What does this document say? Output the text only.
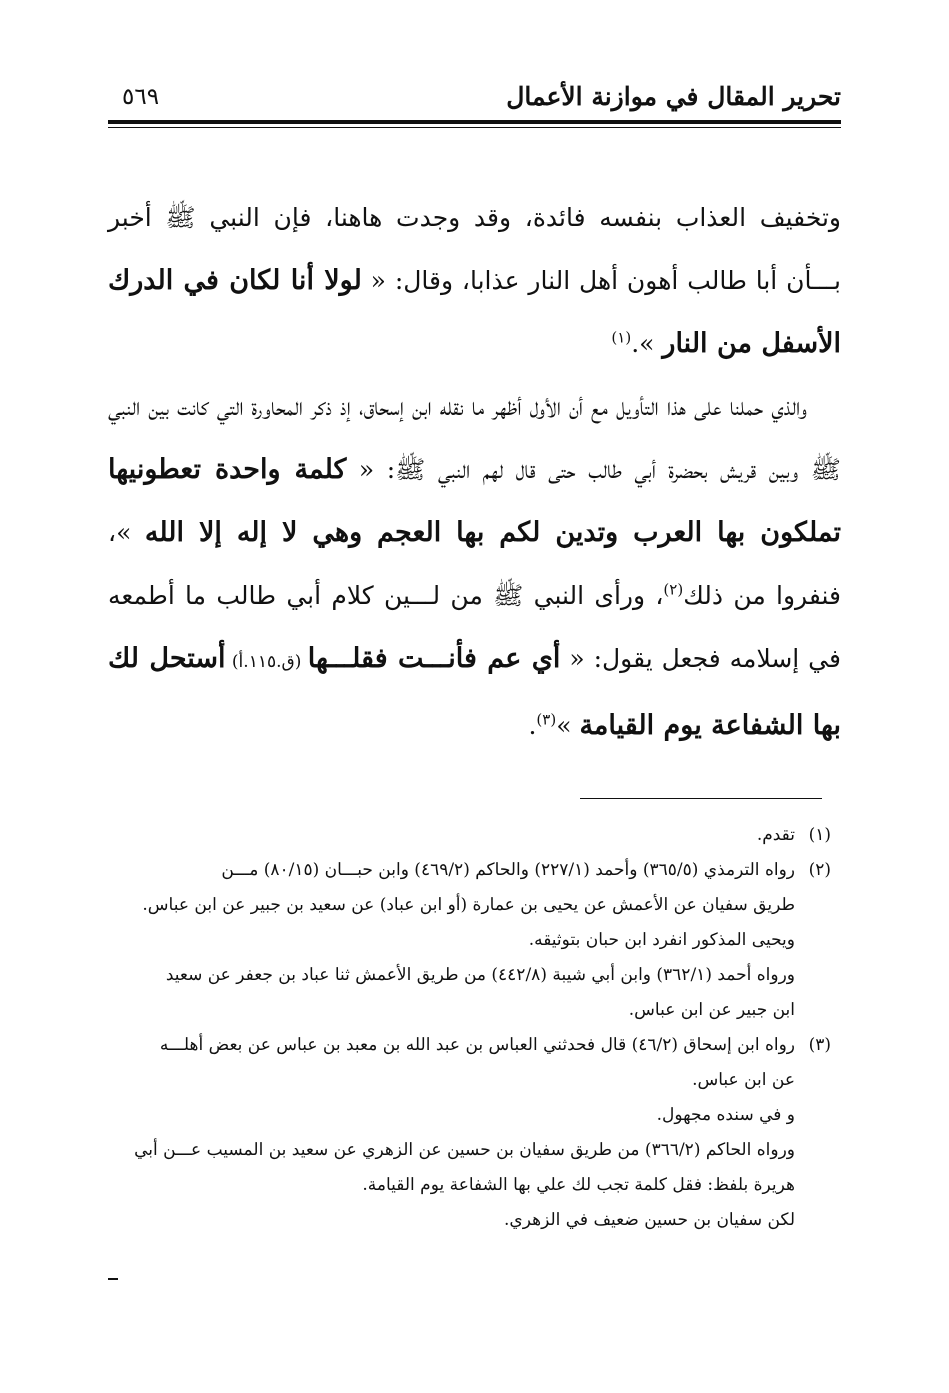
تحرير المقال في موازنة الأعمال
٥٦٩

وتخفيف العذاب بنفسه فائدة، وقد وجدت هاهنا، فإن النبي ﷺ أخبر بـــأن أبا طالب أهون أهل النار عذابا، وقال: « لولا أنا لكان في الدرك الأسفل من النار ».$^{(١)}$

والذي حملنا على هذا التأويل مع أن الأول أظهر ما نقله ابن إسحاق، إذ ذكر المحاورة التي كانت بين النبي ﷺ وبين قريش بحضرة أبي طالب حتى قال لهم النبي ﷺ: « كلمة واحدة تعطونيها تملكون بها العرب وتدين لكم بها العجم وهي لا إله إلا الله »، فنفروا من ذلك$^{(٢)}$، ورأى النبي ﷺ من لـــين كلام أبي طالب ما أطمعه في إسلامه فجعل يقول: « أي عم فأنـــت فقلـــها (ق.١١٥.أ) أستحل لك بها الشفاعة يوم القيامة »$^{(٣)}$.

(١)
تقدم.
(٢)
رواه الترمذي (٣٦٥/٥) وأحمد (٢٢٧/١) والحاكم (٤٦٩/٢) وابن حبـــان (٨٠/١٥) مـــن
طريق سفيان عن الأعمش عن يحيى بن عمارة (أو ابن عباد) عن سعيد بن جبير عن ابن عباس.
ويحيى المذكور انفرد ابن حبان بتوثيقه.
ورواه أحمد (٣٦٢/١) وابن أبي شيبة (٤٤٢/٨) من طريق الأعمش ثنا عباد بن جعفر عن سعيد
ابن جبير عن ابن عباس.
(٣)
رواه ابن إسحاق (٤٦/٢) قال فحدثني العباس بن عبد الله بن معبد بن عباس عن بعض أهلـــه
عن ابن عباس.
و في سنده مجهول.
ورواه الحاكم (٣٦٦/٢) من طريق سفيان بن حسين عن الزهري عن سعيد بن المسيب عـــن أبي
هريرة بلفظ: فقل كلمة تجب لك علي بها الشفاعة يوم القيامة.
لكن سفيان بن حسين ضعيف في الزهري.
